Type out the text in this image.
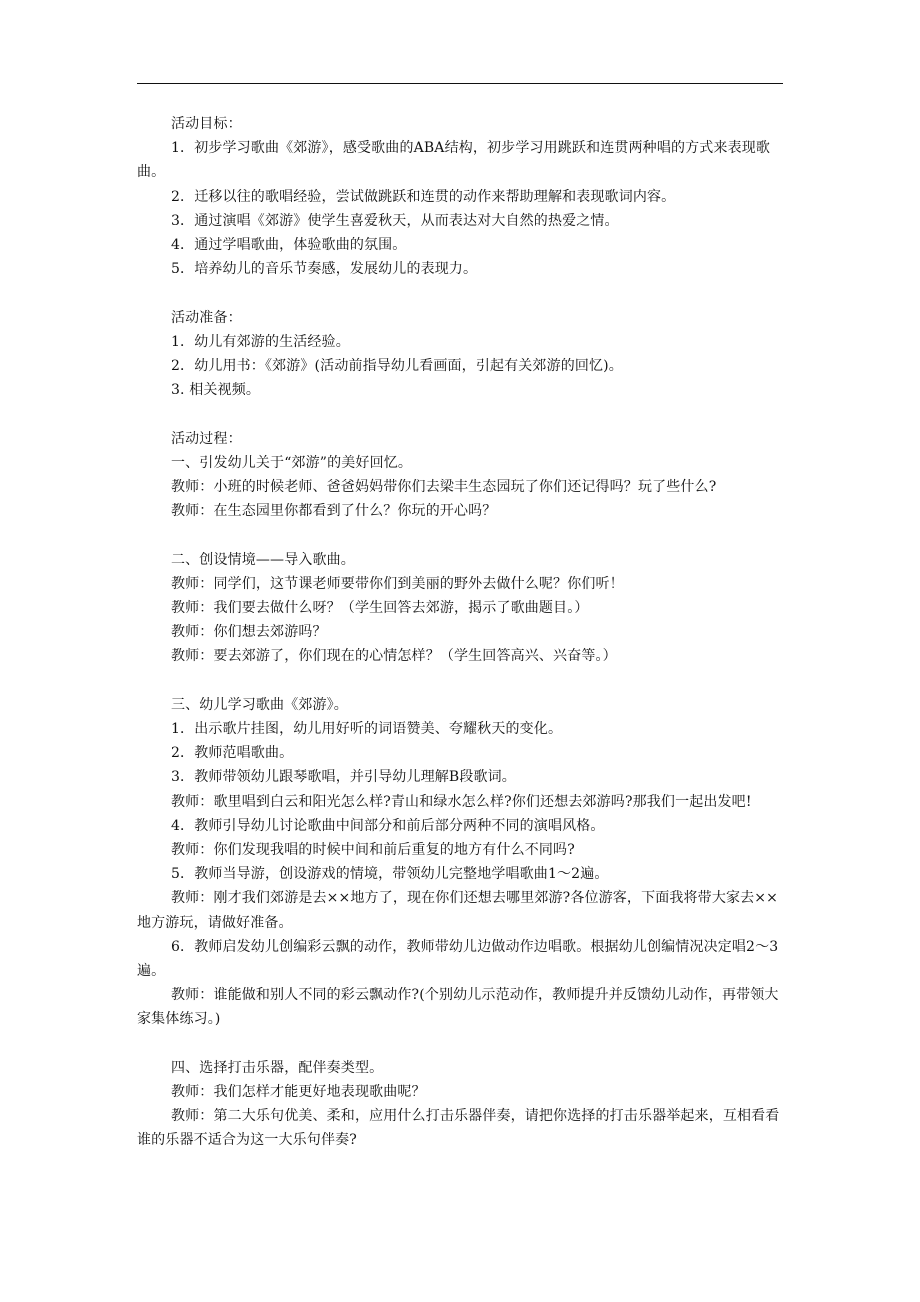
活动目标：

1．初步学习歌曲《郊游》，感受歌曲的ABA结构，初步学习用跳跃和连贯两种唱的方式来表现歌曲。

2．迁移以往的歌唱经验，尝试做跳跃和连贯的动作来帮助理解和表现歌词内容。

3．通过演唱《郊游》使学生喜爱秋天，从而表达对大自然的热爱之情。

4．通过学唱歌曲，体验歌曲的氛围。

5．培养幼儿的音乐节奏感，发展幼儿的表现力。

活动准备：

1．幼儿有郊游的生活经验。

2．幼儿用书：《郊游》(活动前指导幼儿看画面，引起有关郊游的回忆)。

3. 相关视频。

活动过程：

一、引发幼儿关于“郊游”的美好回忆。

教师：小班的时候老师、爸爸妈妈带你们去梁丰生态园玩了你们还记得吗？玩了些什么?

教师：在生态园里你都看到了什么？你玩的开心吗？

二、创设情境——导入歌曲。

教师：同学们，这节课老师要带你们到美丽的野外去做什么呢？你们听！

教师：我们要去做什么呀？（学生回答去郊游，揭示了歌曲题目。）

教师：你们想去郊游吗？

教师：要去郊游了，你们现在的心情怎样？（学生回答高兴、兴奋等。）

三、幼儿学习歌曲《郊游》。

1．出示歌片挂图，幼儿用好听的词语赞美、夸耀秋天的变化。

2．教师范唱歌曲。

3．教师带领幼儿跟琴歌唱，并引导幼儿理解B段歌词。

教师：歌里唱到白云和阳光怎么样?青山和绿水怎么样?你们还想去郊游吗?那我们一起出发吧!

4．教师引导幼儿讨论歌曲中间部分和前后部分两种不同的演唱风格。

教师：你们发现我唱的时候中间和前后重复的地方有什么不同吗?

5．教师当导游，创设游戏的情境，带领幼儿完整地学唱歌曲1～2遍。

教师：刚才我们郊游是去××地方了，现在你们还想去哪里郊游?各位游客，下面我将带大家去××地方游玩，请做好准备。

6．教师启发幼儿创编彩云飘的动作，教师带幼儿边做动作边唱歌。根据幼儿创编情况决定唱2～3遍。

教师：谁能做和别人不同的彩云飘动作?(个别幼儿示范动作，教师提升并反馈幼儿动作，再带领大家集体练习。)

四、选择打击乐器，配伴奏类型。

教师：我们怎样才能更好地表现歌曲呢？

教师：第二大乐句优美、柔和，应用什么打击乐器伴奏，请把你选择的打击乐器举起来，互相看看谁的乐器不适合为这一大乐句伴奏?
